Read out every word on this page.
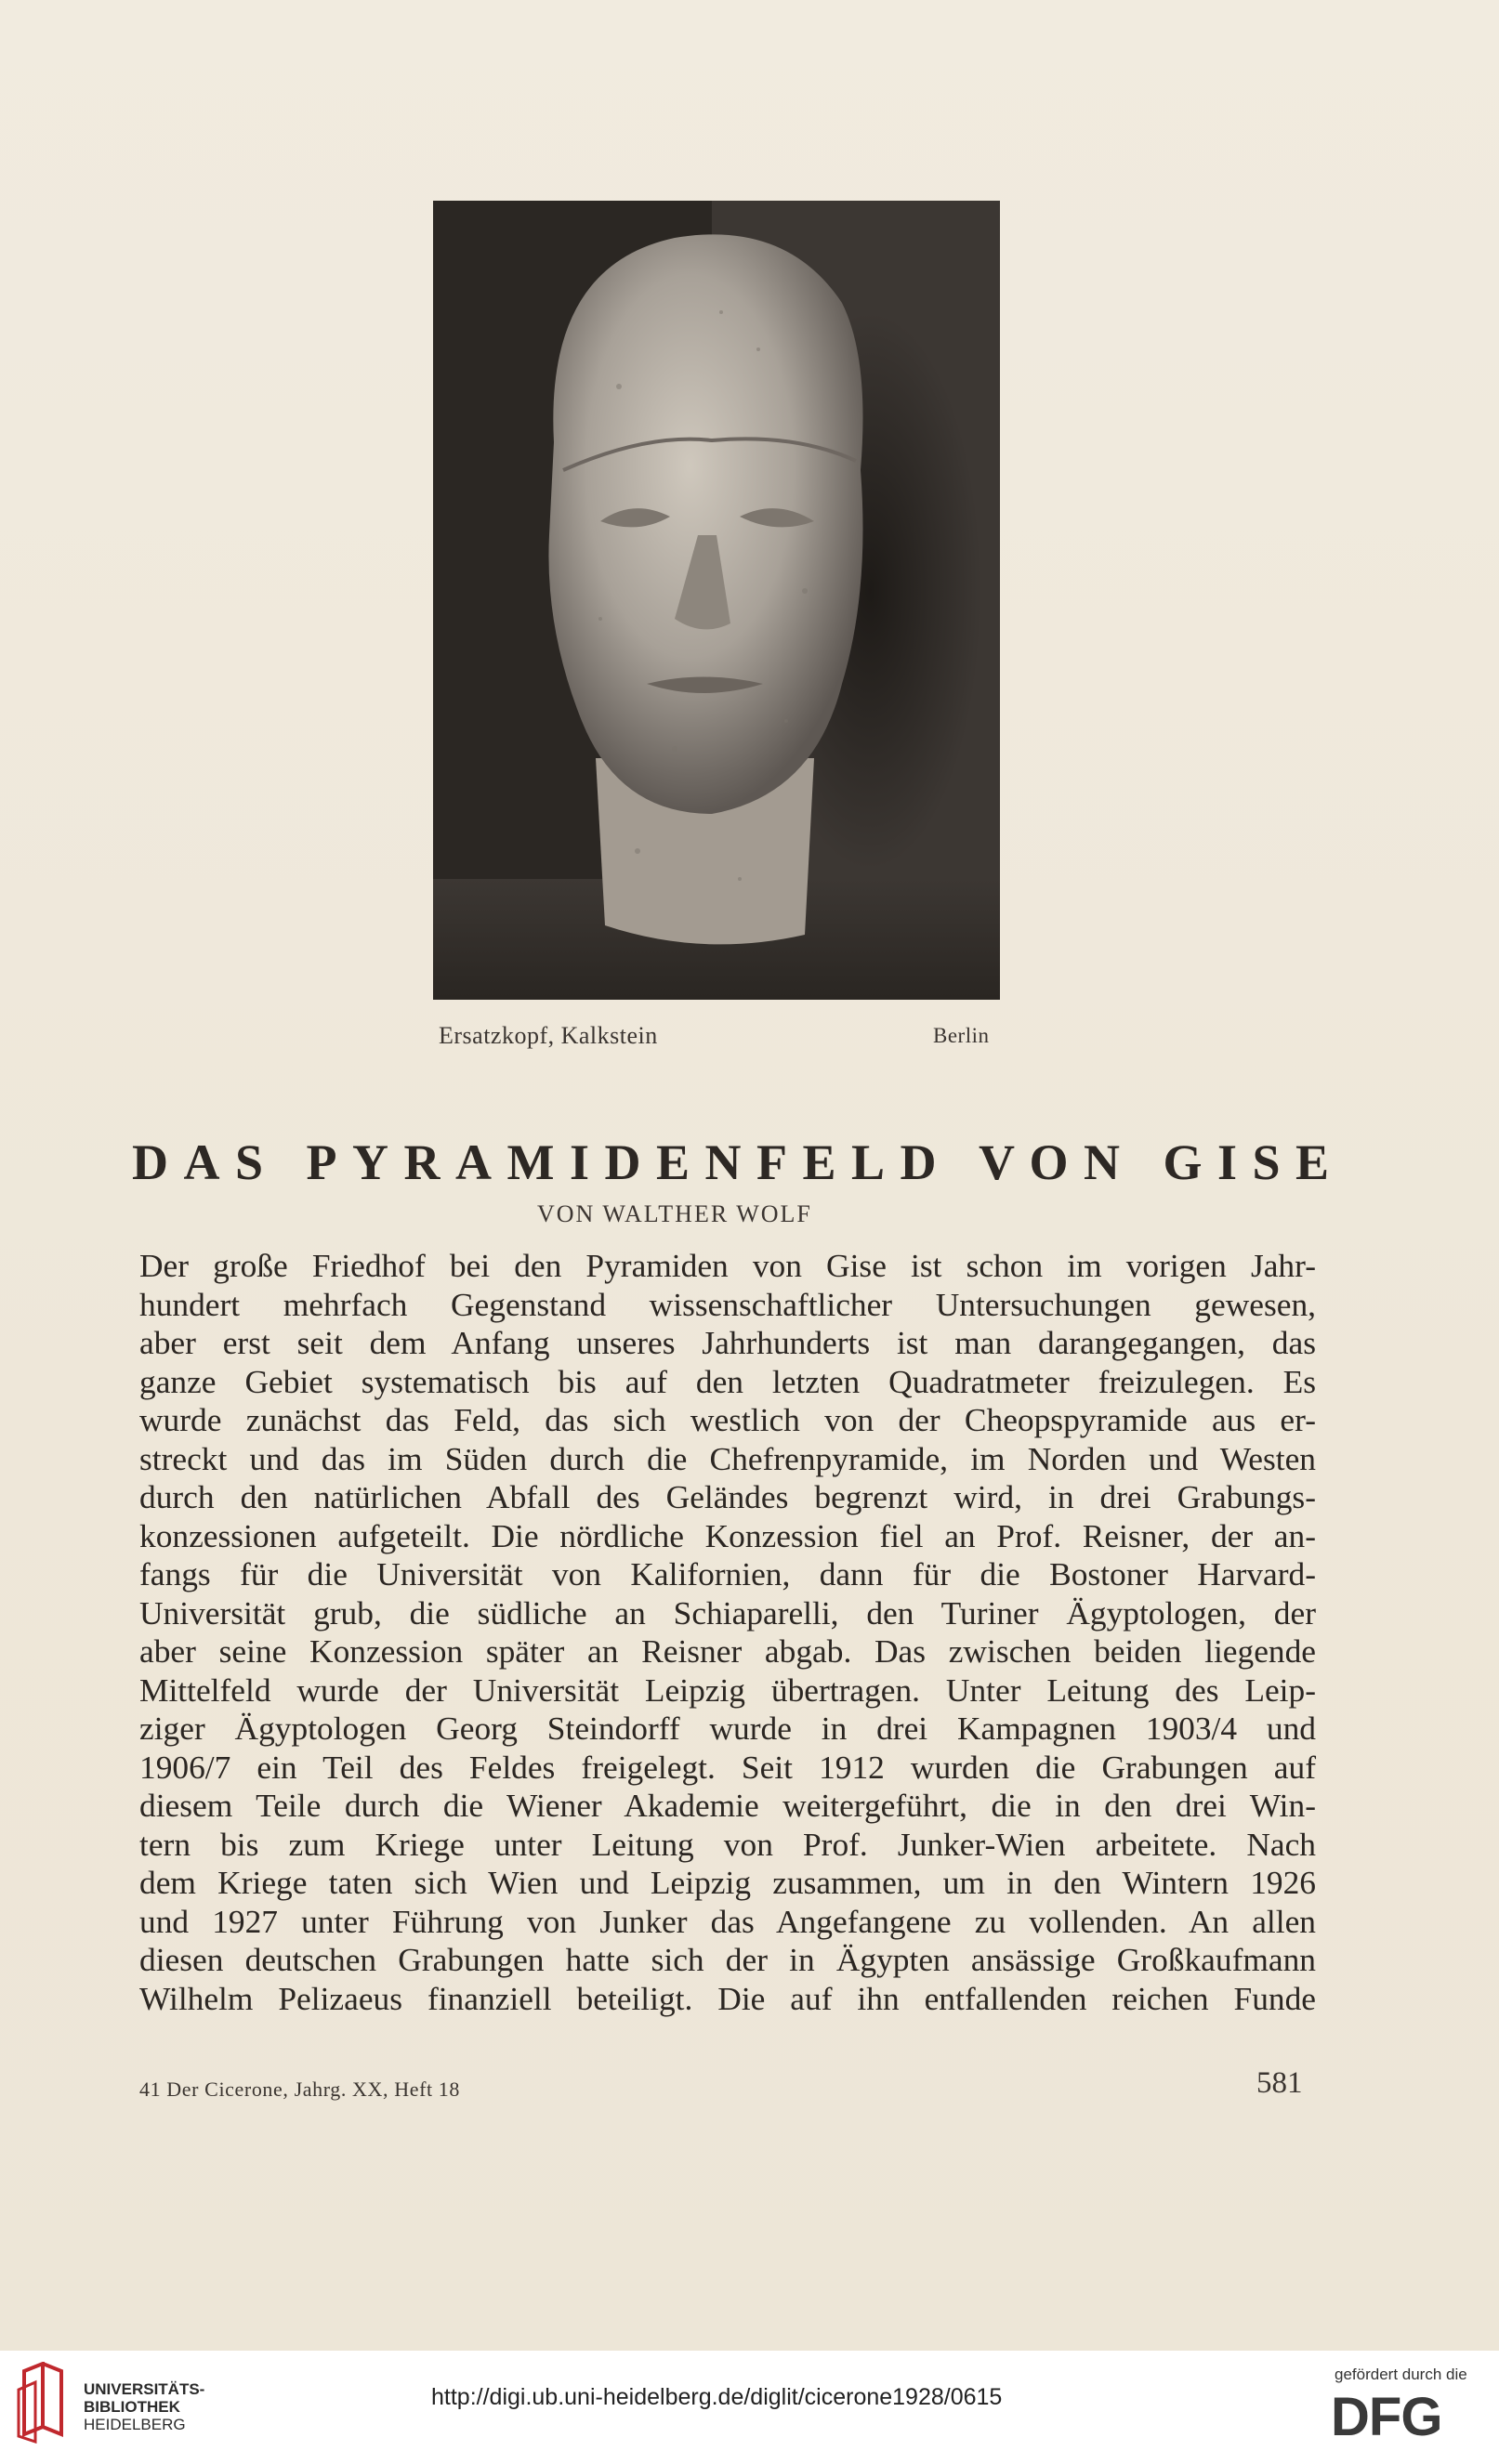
Ersatzkopf, Kalkstein	Berlin
DAS PYRAMIDENFELD VON GISE
VON WALTHER WOLF
Der große Friedhof bei den Pyramiden von Gise ist schon im vorigen Jahr-
hundert mehrfach Gegenstand wissenschaftlicher Untersuchungen gewesen,
aber erst seit dem Anfang unseres Jahrhunderts ist man darangegangen, das
ganze Gebiet systematisch bis auf den letzten Quadratmeter freizulegen. Es
wurde zunächst das Feld, das sich westlich von der Cheopspyramide aus er-
streckt und das im Süden durch die Chefrenpyramide, im Norden und Westen
durch den natürlichen Abfall des Geländes begrenzt wird, in drei Grabungs-
konzessionen aufgeteilt. Die nördliche Konzession fiel an Prof. Reisner, der an-
fangs für die Universität von Kalifornien, dann für die Bostoner Harvard-
Universität grub, die südliche an Schiaparelli, den Turiner Ägyptologen, der
aber seine Konzession später an Reisner abgab. Das zwischen beiden liegende
Mittelfeld wurde der Universität Leipzig übertragen. Unter Leitung des Leip-
ziger Ägyptologen Georg Steindorff wurde in drei Kampagnen 1903/4 und
1906/7 ein Teil des Feldes freigelegt. Seit 1912 wurden die Grabungen auf
diesem Teile durch die Wiener Akademie weitergeführt, die in den drei Win-
tern bis zum Kriege unter Leitung von Prof. Junker-Wien arbeitete. Nach
dem Kriege taten sich Wien und Leipzig zusammen, um in den Wintern 1926
und 1927 unter Führung von Junker das Angefangene zu vollenden. An allen
diesen deutschen Grabungen hatte sich der in Ägypten ansässige Großkaufmann
Wilhelm Pelizaeus finanziell beteiligt. Die auf ihn entfallenden reichen Funde
41 Der Cicerone, Jahrg. XX, Heft 18	581
UNIVERSITÄTS-
BIBLIOTHEK
HEIDELBERG
http://digi.ub.uni-heidelberg.de/diglit/cicerone1928/0615
gefördert durch die
DFG
